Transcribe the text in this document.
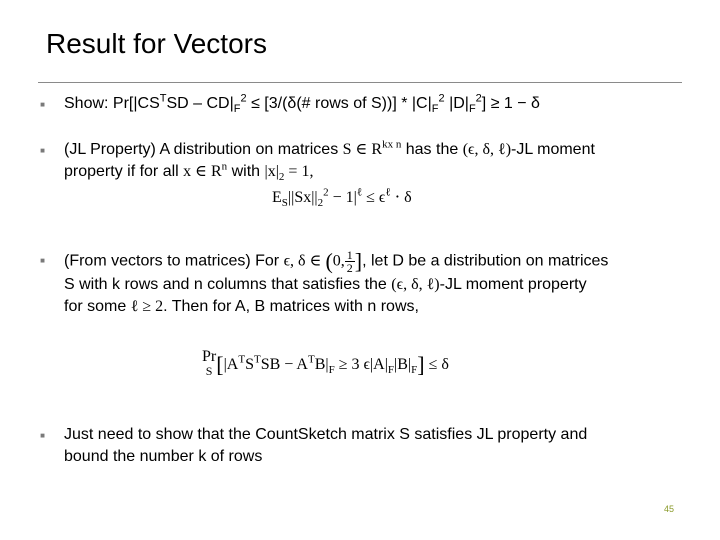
Result for Vectors
■ Show: $Pr[|CS^TSD - CD|_F^2$ ≤ [3/(δ(# rows of $S))] * |C|_F^2$ $|D|_F^2] \ge 1 - \delta$
■ (JL Property) A distribution on matrices S ∈ $R^{kx n}$ has the (ϵ, δ, ℓ)-JL moment
property if for all x ∈ $R^n$ with $|x|_2 = 1$,
$E_S||Sx||_2^2 - 1|^\ell \le \epsilon^\ell \cdot \delta$
■ (From vectors to matrices) For ϵ, δ ∈ (0, $\frac{1}{2}$ ], let D be a distribution on matrices
S with k rows and n columns that satisfies the (ϵ, δ, ℓ)-JL moment property
for some ℓ ≥ 2. Then for A, B matrices with n rows,
Pr
S [$|A^TS^TSB - A^TB|_F \ge 3$ $\epsilon|A|_F|B|_F] \le \delta$
■ Just need to show that the CountSketch matrix S satisfies JL property and
bound the number k of rows
45
